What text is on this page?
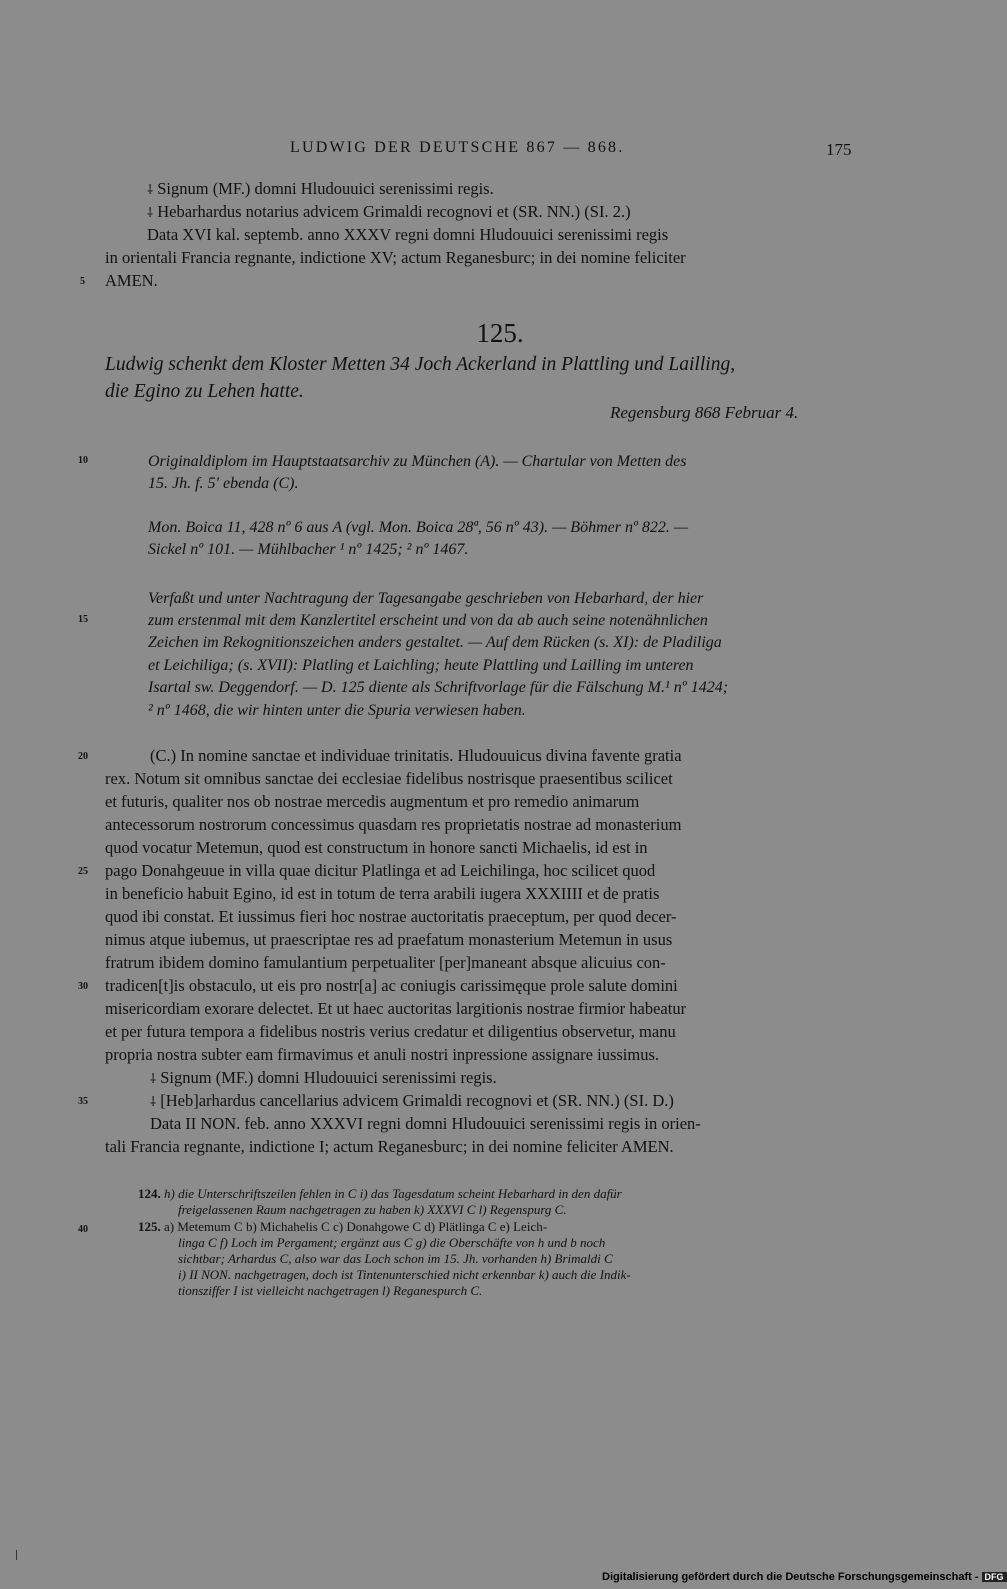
LUDWIG DER DEUTSCHE 867 — 868.	175
⸸ Signum (MF.) domni Hludouuici serenissimi regis.
⸸ Hebarhardus notarius advicem Grimaldi recognovi et (SR. NN.) (SI. 2.)
Data XVI kal. septemb. anno XXXV regni domni Hludouuici serenissimi regis
in orientali Francia regnante, indictione XV; actum Reganesburc; in dei nomine feliciter
AMEN.
125.
Ludwig schenkt dem Kloster Metten 34 Joch Ackerland in Plattling und Lailling,
die Egino zu Lehen hatte.
Regensburg 868 Februar 4.
Originaldiplom im Hauptstaatsarchiv zu München (A). — Chartular von Metten des
15. Jh. f. 5' ebenda (C).
Mon. Boica 11, 428 nº 6 aus A (vgl. Mon. Boica 28ª, 56 nº 43). — Böhmer nº 822. —
Sickel nº 101. — Mühlbacher ¹ nº 1425; ² nº 1467.
Verfaßt und unter Nachtragung der Tagesangabe geschrieben von Hebarhard, der hier
zum erstenmal mit dem Kanzlertitel erscheint und von da ab auch seine notenähnlichen
Zeichen im Rekognitionszeichen anders gestaltet. — Auf dem Rücken (s. XI): de Pladiliga
et Leichiliga; (s. XVII): Platling et Laichling; heute Plattling und Lailling im unteren
Isartal sw. Deggendorf. — D. 125 diente als Schriftvorlage für die Fälschung M.¹ nº 1424;
² nº 1468, die wir hinten unter die Spuria verwiesen haben.
(C.) In nomine sanctae et individuae trinitatis. Hludouuicus divina favente gratia
rex. Notum sit omnibus sanctae dei ecclesiae fidelibus nostrisque praesentibus scilicet
et futuris, qualiter nos ob nostrae mercedis augmentum et pro remedio animarum
antecessorum nostrorum concessimus quasdam res proprietatis nostrae ad monasterium
quod vocatur Metemun, quod est constructum in honore sancti Michaelis, id est in
pago Donahgeuue in villa quae dicitur Platlinga et ad Leichilinga, hoc scilicet quod
in beneficio habuit Egino, id est in totum de terra arabili iugera XXXIIII et de pratis
quod ibi constat. Et iussimus fieri hoc nostrae auctoritatis praeceptum, per quod decer-
nimus atque iubemus, ut praescriptae res ad praefatum monasterium Metemun in usus
fratrum ibidem domino famulantium perpetualiter [per]maneant absque alicuius con-
tradicen[t]is obstaculo, ut eis pro nostr[a] ac coniugis carissimęque prole salute domini
misericordiam exorare delectet. Et ut haec auctoritas largitionis nostrae firmior habeatur
et per futura tempora a fidelibus nostris verius credatur et diligentius observetur, manu
propria nostra subter eam firmavimus et anuli nostri inpressione assignare iussimus.
⸸ Signum (MF.) domni Hludouuici serenissimi regis.
⸸ [Heb]arhardus cancellarius advicem Grimaldi recognovi et (SR. NN.) (SI. D.)
Data II NON. feb. anno XXXVI regni domni Hludouuici serenissimi regis in orien-
tali Francia regnante, indictione I; actum Reganesburc; in dei nomine feliciter AMEN.
5
10
15
20
25
30
35
40
124. h) die Unterschriftszeilen fehlen in C i) das Tagesdatum scheint Hebarhard in den dafür
freigelassenen Raum nachgetragen zu haben k) XXXVI C l) Regenspurg C.
125. a) Metemum C b) Michahelis C c) Donahgowe C d) Plätlinga C e) Leich-
linga C f) Loch im Pergament; ergänzt aus C g) die Oberschäfte von h und b noch
sichtbar; Arhardus C, also war das Loch schon im 15. Jh. vorhanden h) Brimaldi C
i) II NON. nachgetragen, doch ist Tintenunterschied nicht erkennbar k) auch die Indik-
tionsziffer I ist vielleicht nachgetragen l) Reganespurch C.
Digitalisierung gefördert durch die Deutsche Forschungsgemeinschaft - DFG
